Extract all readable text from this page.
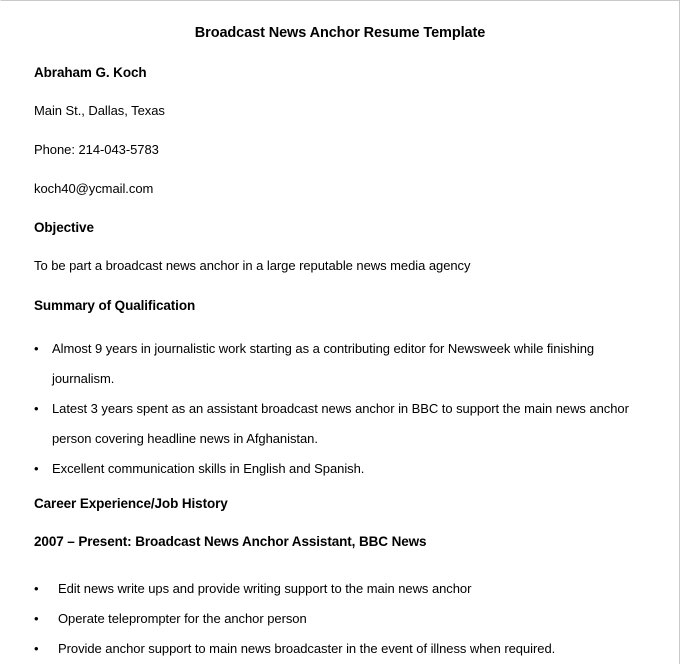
Broadcast News Anchor Resume Template
Abraham G. Koch
Main St., Dallas, Texas
Phone: 214-043-5783
koch40@ycmail.com
Objective
To be part a broadcast news anchor in a large reputable news media agency
Summary of Qualification
• Almost 9 years in journalistic work starting as a contributing editor for Newsweek while finishing journalism.
• Latest 3 years spent as an assistant broadcast news anchor in BBC to support the main news anchor person covering headline news in Afghanistan.
• Excellent communication skills in English and Spanish.
Career Experience/Job History
2007 – Present: Broadcast News Anchor Assistant, BBC News
• Edit news write ups and provide writing support to the main news anchor
• Operate teleprompter for the anchor person
• Provide anchor support to main news broadcaster in the event of illness when required.
